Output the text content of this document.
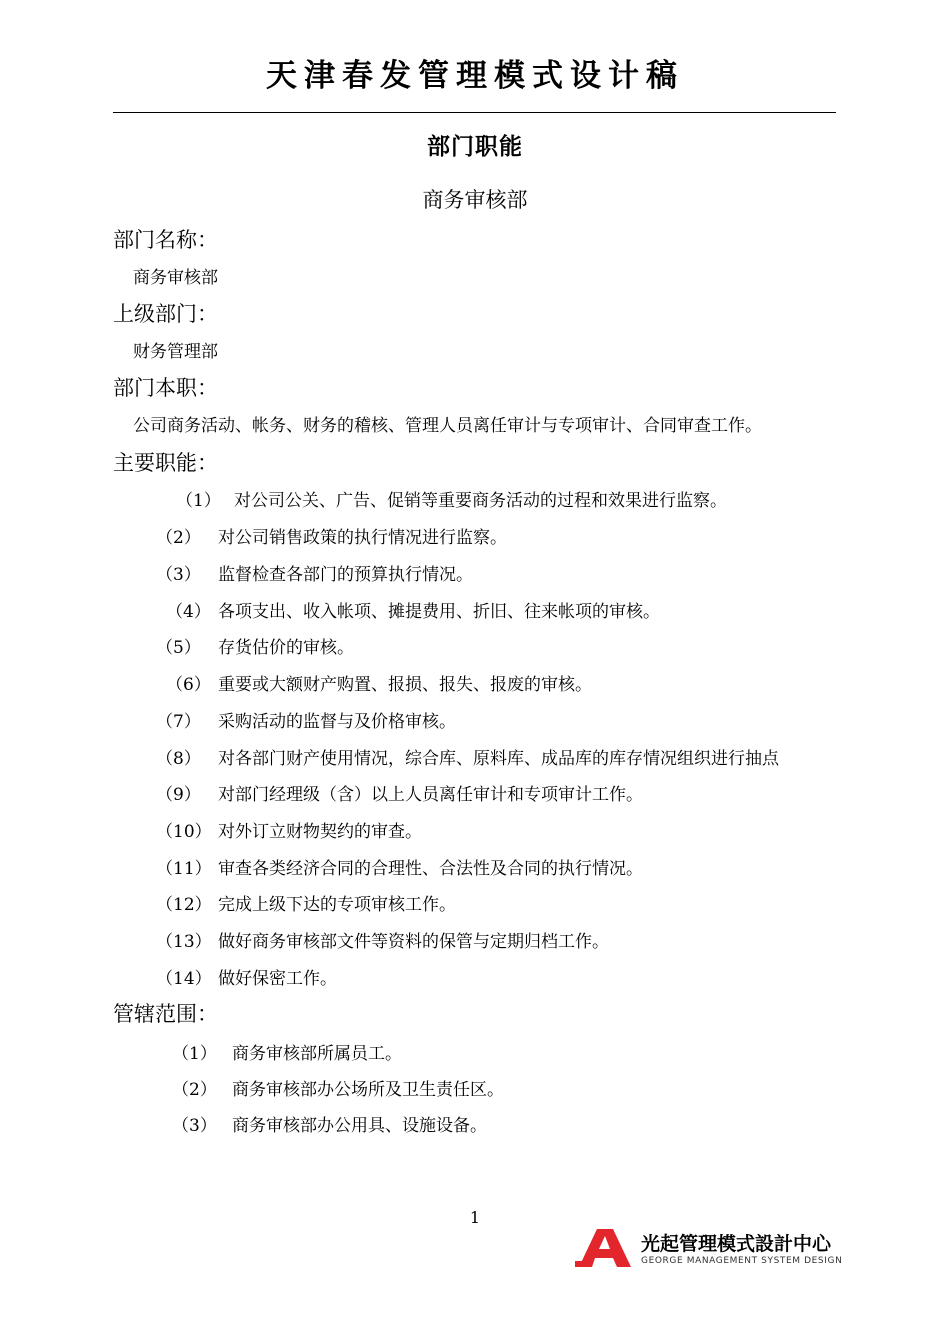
天津春发管理模式设计稿
部门职能
商务审核部
部门名称：
商务审核部
上级部门：
财务管理部
部门本职：
公司商务活动、帐务、财务的稽核、管理人员离任审计与专项审计、合同审查工作。
主要职能：
（1） 对公司公关、广告、促销等重要商务活动的过程和效果进行监察。
（2） 对公司销售政策的执行情况进行监察。
（3） 监督检查各部门的预算执行情况。
（4） 各项支出、收入帐项、摊提费用、折旧、往来帐项的审核。
（5） 存货估价的审核。
（6） 重要或大额财产购置、报损、报失、报废的审核。
（7） 采购活动的监督与及价格审核。
（8） 对各部门财产使用情况，综合库、原料库、成品库的库存情况组织进行抽点
（9） 对部门经理级（含）以上人员离任审计和专项审计工作。
（10） 对外订立财物契约的审查。
（11） 审查各类经济合同的合理性、合法性及合同的执行情况。
（12） 完成上级下达的专项审核工作。
（13） 做好商务审核部文件等资料的保管与定期归档工作。
（14） 做好保密工作。
管辖范围：
（1） 商务审核部所属员工。
（2） 商务审核部办公场所及卫生责任区。
（3） 商务审核部办公用具、设施设备。
1
光起管理模式設計中心
GEORGE MANAGEMENT SYSTEM DESIGN
